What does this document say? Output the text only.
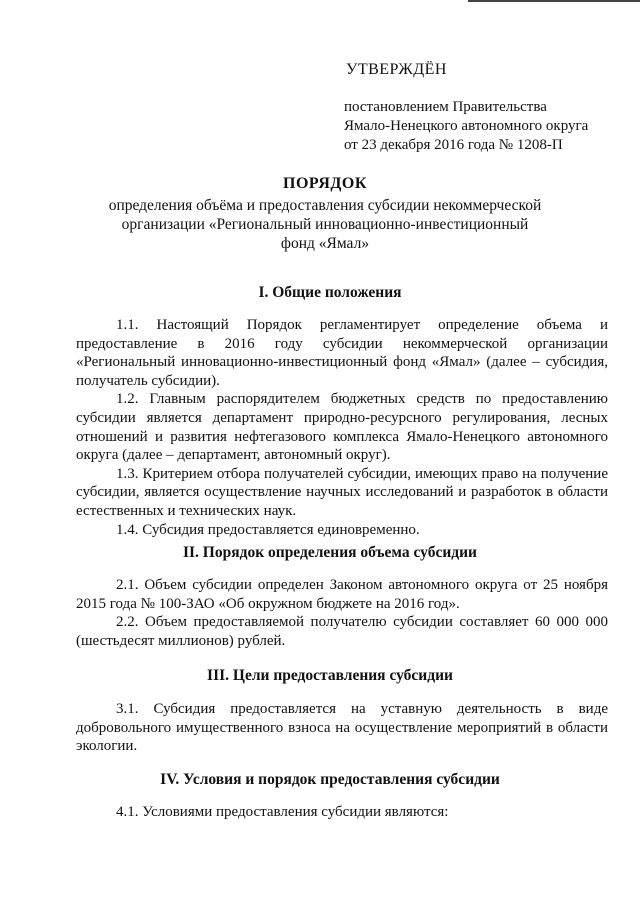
УТВЕРЖДЁН

постановлением Правительства

Ямало-Ненецкого автономного округа

от 23 декабря 2016 года № 1208-П

ПОРЯДОК

определения объёма и предоставления субсидии некоммерческой

организации «Региональный инновационно-инвестиционный

фонд «Ямал»

I. Общие положения

1.1. Настоящий Порядок регламентирует определение объема и
предоставление в 2016 году субсидии некоммерческой организации
«Региональный инновационно-инвестиционный фонд «Ямал» (далее – субсидия,
получатель субсидии).

1.2. Главным распорядителем бюджетных средств по предоставлению
субсидии является департамент природно-ресурсного регулирования, лесных
отношений и развития нефтегазового комплекса Ямало-Ненецкого автономного
округа (далее – департамент, автономный округ).

1.3. Критерием отбора получателей субсидии, имеющих право на получение
субсидии, является осуществление научных исследований и разработок в области
естественных и технических наук.

1.4. Субсидия предоставляется единовременно.

II. Порядок определения объема субсидии

2.1. Объем субсидии определен Законом автономного округа от 25 ноября
2015 года № 100-ЗАО «Об окружном бюджете на 2016 год».

2.2. Объем предоставляемой получателю субсидии составляет 60 000 000
(шестьдесят миллионов) рублей.

III. Цели предоставления субсидии

3.1. Субсидия предоставляется на уставную деятельность в виде
добровольного имущественного взноса на осуществление мероприятий в области
экологии.

IV. Условия и порядок предоставления субсидии

4.1. Условиями предоставления субсидии являются:
